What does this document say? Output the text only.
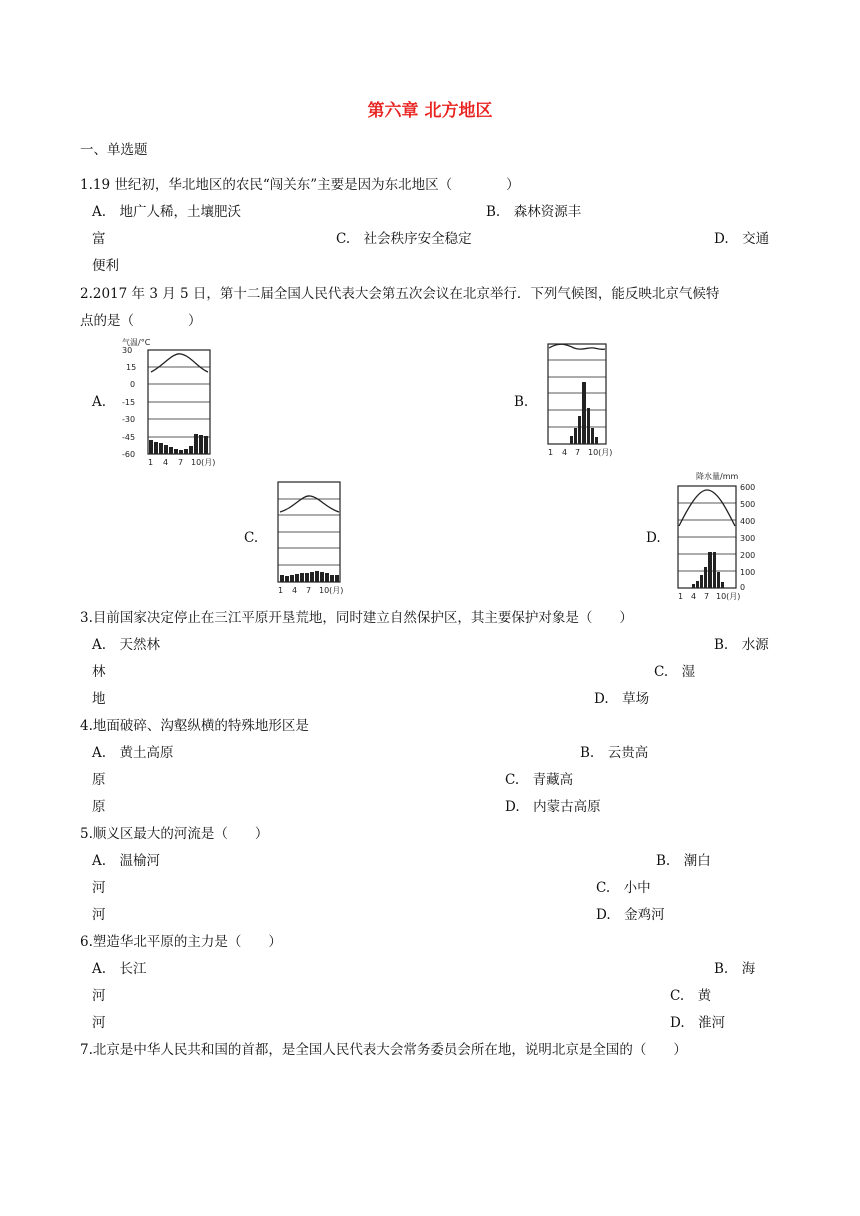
第六章 北方地区
一、单选题
1.19 世纪初，华北地区的农民“闯关东”主要是因为东北地区（　　　　）
A.　地广人稀，土壤肥沃	B.　森林资源丰
富	C.　社会秩序安全稳定	D.　交通
便利
2.2017 年 3 月 5 日，第十二届全国人民代表大会第五次会议在北京举行．下列气候图，能反映北京气候特
点的是（　　　　）
A.
气温/°C
30
15
0
-15
-30
-45
-60
1 4 7 10(月)
B.
1 4 7 10(月)
C.
1 4 7 10(月)
D.
降水量/mm
600
500
400
300
200
100
0
1 4 7 10(月)
3.目前国家决定停止在三江平原开垦荒地，同时建立自然保护区，其主要保护对象是（　　）
A.　天然林	B.　水源
林	C.　湿
地	D.　草场
4.地面破碎、沟壑纵横的特殊地形区是
A.　黄土高原	B.　云贵高
原	C.　青藏高
原	D.　内蒙古高原
5.顺义区最大的河流是（　　）
A.　温榆河	B.　潮白
河	C.　小中
河	D.　金鸡河
6.塑造华北平原的主力是（　　）
A.　长江	B.　海
河	C.　黄
河	D.　淮河
7.北京是中华人民共和国的首都，是全国人民代表大会常务委员会所在地，说明北京是全国的（　　）
